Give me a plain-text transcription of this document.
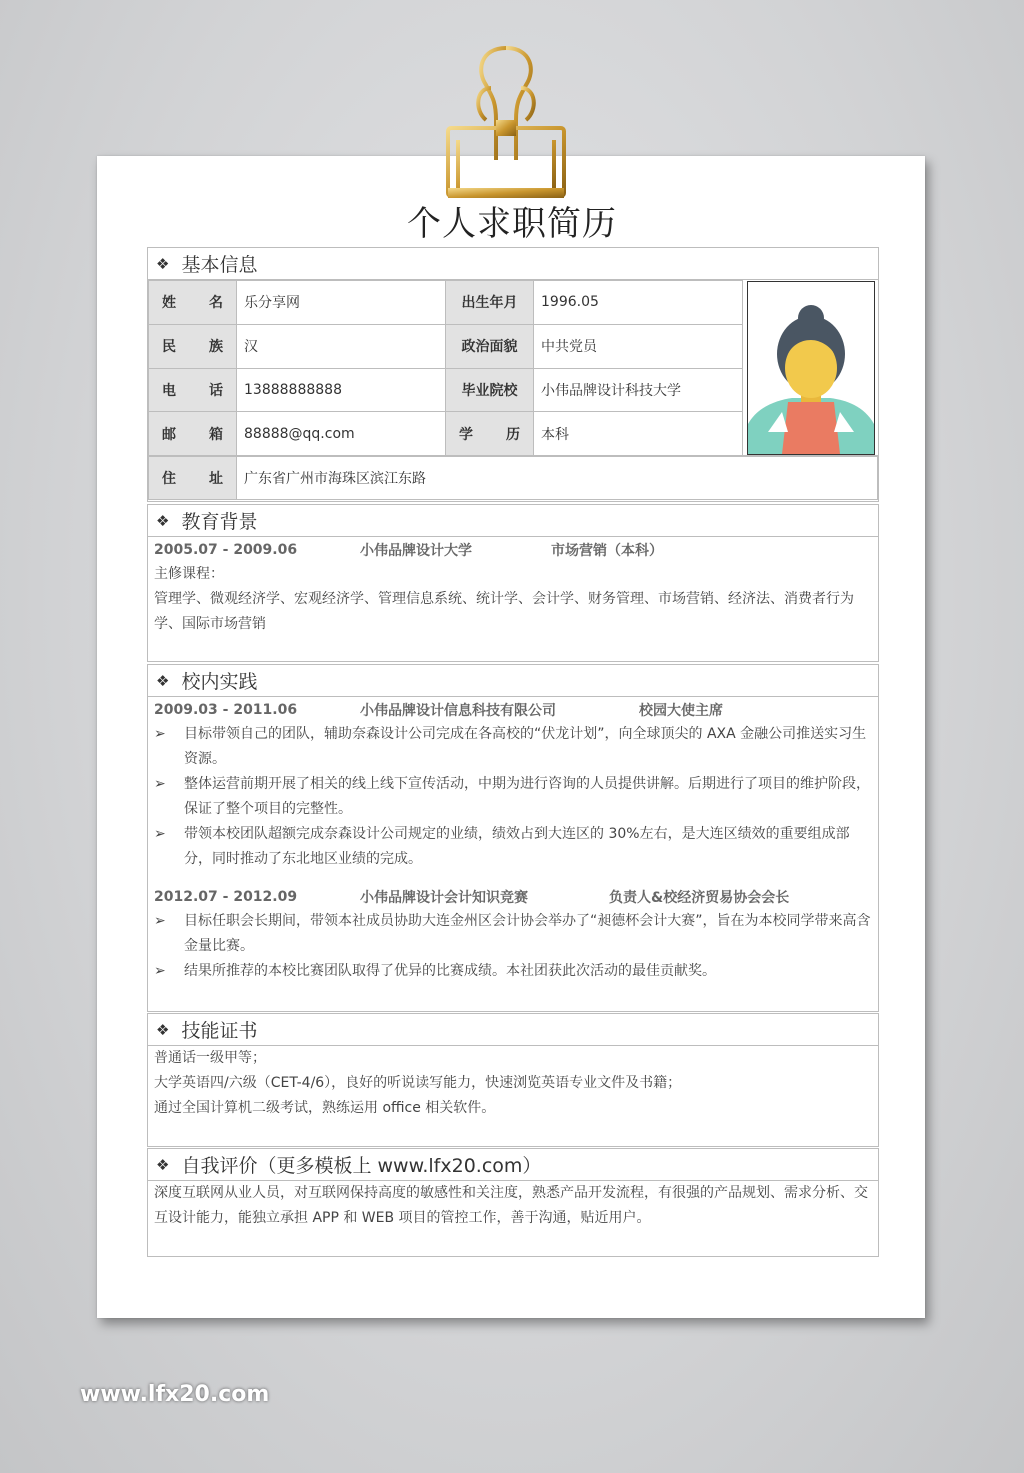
个人求职简历
❖ 基本信息
姓 名	乐分享网	出生年月	1996.05

民 族	汉	政治面貌	中共党员

电 话	13888888888	毕业院校	小伟品牌设计科技大学

邮 箱	88888@qq.com	学 历	本科
住 址	广东省广州市海珠区滨江东路
❖ 教育背景
2005.07 - 2009.06	小伟品牌设计大学	市场营销（本科）
主修课程：
管理学、微观经济学、宏观经济学、管理信息系统、统计学、会计学、财务管理、市场营销、经济法、消费者行为学、国际市场营销
❖ 校内实践
2009.03 - 2011.06	小伟品牌设计信息科技有限公司	校园大使主席
➢	目标带领自己的团队，辅助奈森设计公司完成在各高校的“伏龙计划”，向全球顶尖的 AXA 金融公司推送实习生资源。
➢	整体运营前期开展了相关的线上线下宣传活动，中期为进行咨询的人员提供讲解。后期进行了项目的维护阶段，保证了整个项目的完整性。
➢	带领本校团队超额完成奈森设计公司规定的业绩，绩效占到大连区的 30%左右，是大连区绩效的重要组成部分，同时推动了东北地区业绩的完成。
2012.07 - 2012.09	小伟品牌设计会计知识竞赛	负责人&校经济贸易协会会长
➢	目标任职会长期间，带领本社成员协助大连金州区会计协会举办了“昶德杯会计大赛”，旨在为本校同学带来高含金量比赛。
➢	结果所推荐的本校比赛团队取得了优异的比赛成绩。本社团获此次活动的最佳贡献奖。
❖ 技能证书
普通话一级甲等；
大学英语四/六级（CET-4/6），良好的听说读写能力，快速浏览英语专业文件及书籍；
通过全国计算机二级考试，熟练运用 office 相关软件。
❖ 自我评价（更多模板上 www.lfx20.com）
深度互联网从业人员，对互联网保持高度的敏感性和关注度，熟悉产品开发流程，有很强的产品规划、需求分析、交互设计能力，能独立承担 APP 和 WEB 项目的管控工作，善于沟通，贴近用户。
www.lfx20.com
